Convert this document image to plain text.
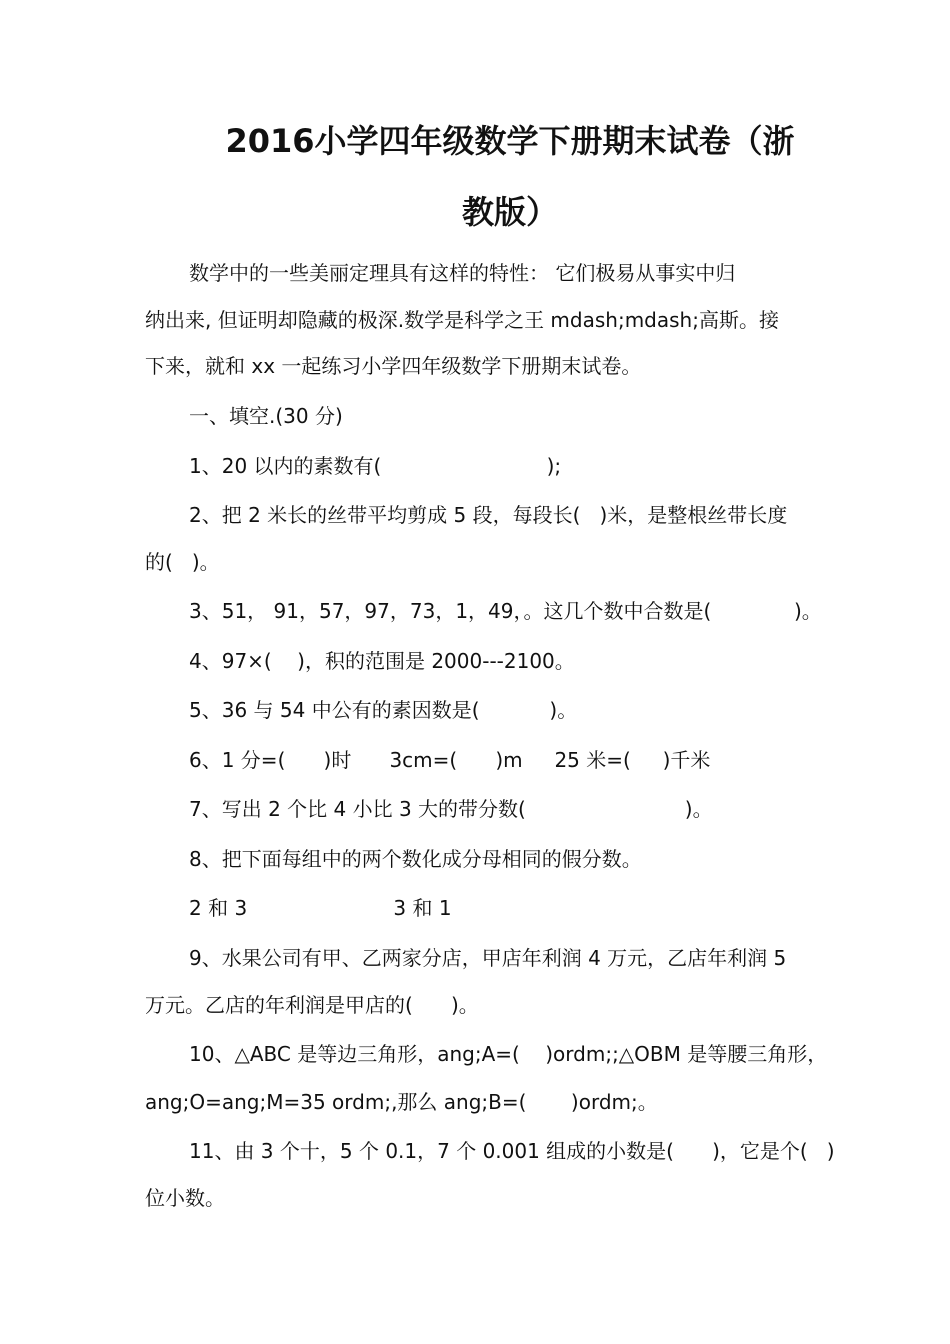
2016小学四年级数学下册期末试卷（浙
教版）
数学中的一些美丽定理具有这样的特性： 它们极易从事实中归
纳出来, 但证明却隐藏的极深.数学是科学之王 mdash;mdash;高斯。接
下来，就和 xx 一起练习小学四年级数学下册期末试卷。
一、填空.(30 分)
1、20 以内的素数有(                          );
2、把 2 米长的丝带平均剪成 5 段，每段长(   )米，是整根丝带长度
的(   )。
3、51， 91，57，97，73，1，49，。这几个数中合数是(             )。
4、97×(    )，积的范围是 2000---2100。
5、36 与 54 中公有的素因数是(           )。
6、1 分=(      )时      3cm=(      )m     25 米=(     )千米
7、写出 2 个比 4 小比 3 大的带分数(                         )。
8、把下面每组中的两个数化成分母相同的假分数。
2 和 3                       3 和 1
9、水果公司有甲、乙两家分店，甲店年利润 4 万元，乙店年利润 5
万元。乙店的年利润是甲店的(      )。
10、△ABC 是等边三角形，ang;A=(    )ordm;;△OBM 是等腰三角形，
ang;O=ang;M=35 ordm;,那么 ang;B=(       )ordm;。
11、由 3 个十，5 个 0.1，7 个 0.001 组成的小数是(      )，它是个(   )
位小数。
